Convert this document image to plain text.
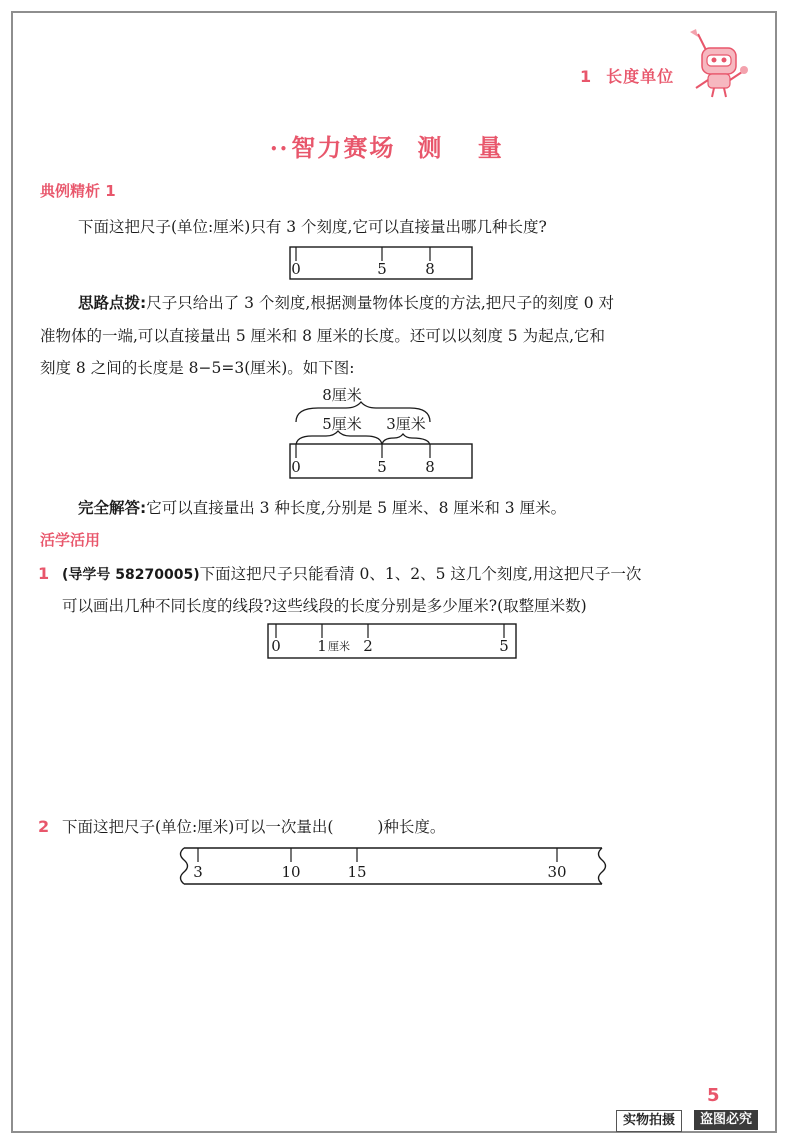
1 长度单位
••智力赛场 测 量
典例精析 1
下面这把尺子(单位:厘米)只有 3 个刻度,它可以直接量出哪几种长度?
0	5	8
思路点拨:尺子只给出了 3 个刻度,根据测量物体长度的方法,把尺子的刻度 0 对
准物体的一端,可以直接量出 5 厘米和 8 厘米的长度。还可以以刻度 5 为起点,它和
刻度 8 之间的长度是 8−5=3(厘米)。如下图:
8厘米
5厘米 3厘米
0	5	8
完全解答:它可以直接量出 3 种长度,分别是 5 厘米、8 厘米和 3 厘米。
活学活用
1 (导学号 58270005)下面这把尺子只能看清 0、1、2、5 这几个刻度,用这把尺子一次
可以画出几种不同长度的线段?这些线段的长度分别是多少厘米?(取整厘米数)
0 1 厘米 2	5
2 下面这把尺子(单位:厘米)可以一次量出(	)种长度。
3	10	15	30
5
实物拍摄	盗图必究
